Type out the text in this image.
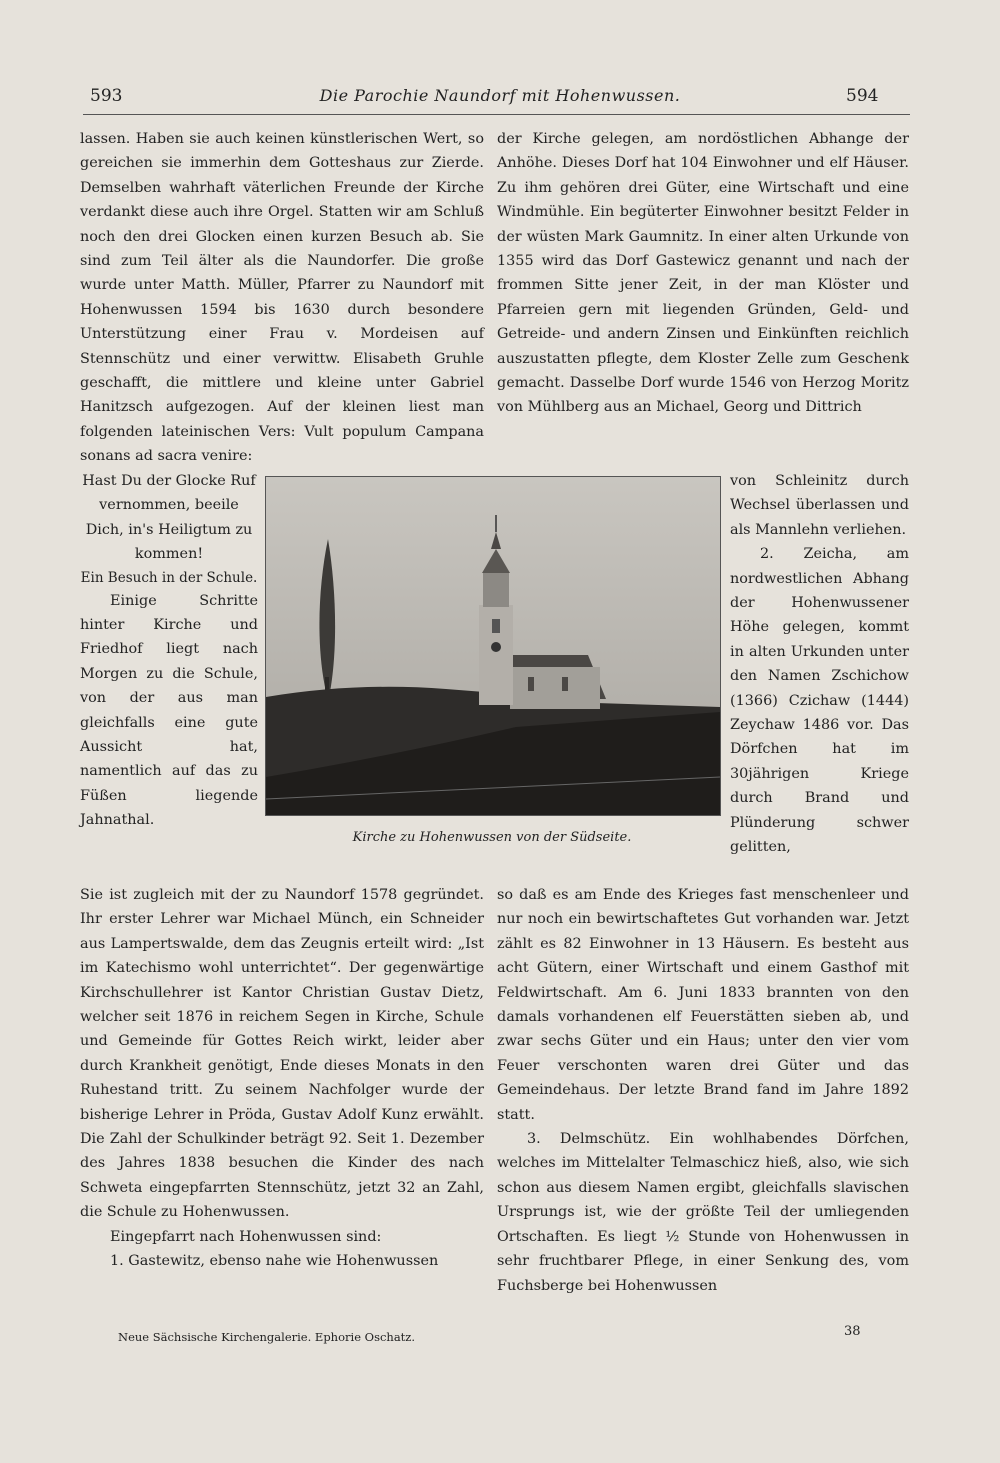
593	Die Parochie Naundorf mit Hohenwussen.	594

lassen. Haben sie auch keinen künstlerischen Wert, so gereichen sie immerhin dem Gotteshaus zur Zierde. Demselben wahrhaft väterlichen Freunde der Kirche verdankt diese auch ihre Orgel. Statten wir am Schluß noch den drei Glocken einen kurzen Besuch ab. Sie sind zum Teil älter als die Naundorfer. Die große wurde unter Matth. Müller, Pfarrer zu Naundorf mit Hohenwussen 1594 bis 1630 durch besondere Unterstützung einer Frau v. Mordeisen auf Stennschütz und einer verwittw. Elisabeth Gruhle geschafft, die mittlere und kleine unter Gabriel Hanitzsch aufgezogen. Auf der kleinen liest man folgenden lateinischen Vers: Vult populum Campana sonans ad sacra venire:

Hast Du der Glocke Ruf vernommen, beeile Dich, in's Heiligtum zu kommen!

Ein Besuch in der Schule.

Einige Schritte hinter Kirche und Friedhof liegt nach Morgen zu die Schule, von der aus man gleichfalls eine gute Aussicht hat, namentlich auf das zu Füßen liegende Jahnathal.

Sie ist zugleich mit der zu Naundorf 1578 gegründet. Ihr erster Lehrer war Michael Münch, ein Schneider aus Lampertswalde, dem das Zeugnis erteilt wird: „Ist im Katechismo wohl unterrichtet“. Der gegenwärtige Kirchschullehrer ist Kantor Christian Gustav Dietz, welcher seit 1876 in reichem Segen in Kirche, Schule und Gemeinde für Gottes Reich wirkt, leider aber durch Krankheit genötigt, Ende dieses Monats in den Ruhestand tritt. Zu seinem Nachfolger wurde der bisherige Lehrer in Pröda, Gustav Adolf Kunz erwählt. Die Zahl der Schulkinder beträgt 92. Seit 1. Dezember des Jahres 1838 besuchen die Kinder des nach Schweta eingepfarrten Stennschütz, jetzt 32 an Zahl, die Schule zu Hohenwussen.

Eingepfarrt nach Hohenwussen sind:

1. Gastewitz, ebenso nahe wie Hohenwussen

der Kirche gelegen, am nordöstlichen Abhange der Anhöhe. Dieses Dorf hat 104 Einwohner und elf Häuser. Zu ihm gehören drei Güter, eine Wirtschaft und eine Windmühle. Ein begüterter Einwohner besitzt Felder in der wüsten Mark Gaumnitz. In einer alten Urkunde von 1355 wird das Dorf Gastewicz genannt und nach der frommen Sitte jener Zeit, in der man Klöster und Pfarreien gern mit liegenden Gründen, Geld- und Getreide- und andern Zinsen und Einkünften reichlich auszustatten pflegte, dem Kloster Zelle zum Geschenk gemacht. Dasselbe Dorf wurde 1546 von Herzog Moritz von Mühlberg aus an Michael, Georg und Dittrich

von Schleinitz durch Wechsel überlassen und als Mannlehn verliehen.

2. Zeicha, am nordwestlichen Abhang der Hohenwussener Höhe gelegen, kommt in alten Urkunden unter den Namen Zschichow (1366) Czichaw (1444) Zeychaw 1486 vor. Das Dörfchen hat im 30jährigen Kriege durch Brand und Plünderung schwer gelitten,

so daß es am Ende des Krieges fast menschenleer und nur noch ein bewirtschaftetes Gut vorhanden war. Jetzt zählt es 82 Einwohner in 13 Häusern. Es besteht aus acht Gütern, einer Wirtschaft und einem Gasthof mit Feldwirtschaft. Am 6. Juni 1833 brannten von den damals vorhandenen elf Feuerstätten sieben ab, und zwar sechs Güter und ein Haus; unter den vier vom Feuer verschonten waren drei Güter und das Gemeindehaus. Der letzte Brand fand im Jahre 1892 statt.

3. Delmschütz. Ein wohlhabendes Dörfchen, welches im Mittelalter Telmaschicz hieß, also, wie sich schon aus diesem Namen ergibt, gleichfalls slavischen Ursprungs ist, wie der größte Teil der umliegenden Ortschaften. Es liegt ½ Stunde von Hohenwussen in sehr fruchtbarer Pflege, in einer Senkung des, vom Fuchsberge bei Hohenwussen

Kirche zu Hohenwussen von der Südseite.
Neue Sächsische Kirchengalerie. Ephorie Oschatz.	38
